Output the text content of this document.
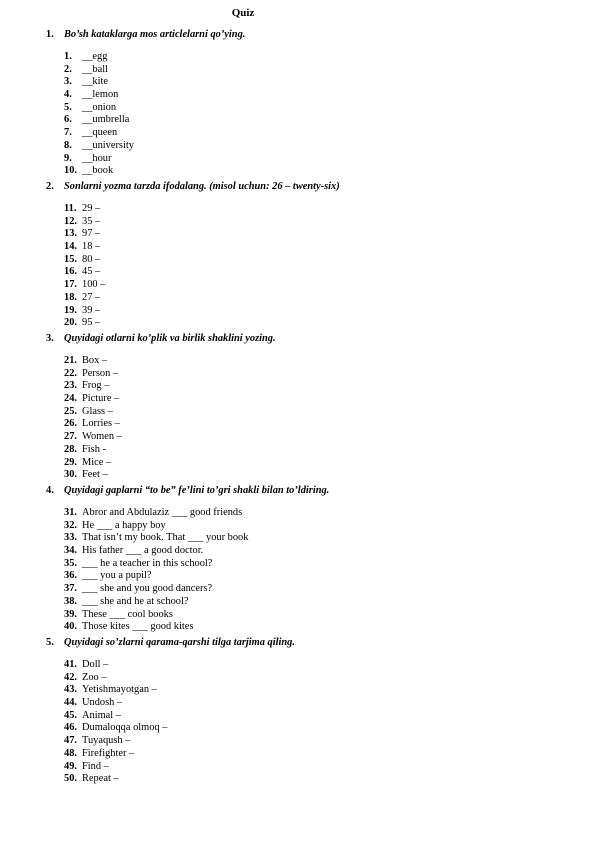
Quiz
1. Bo’sh kataklarga mos articlelarni qo’ying.
1. __egg
2. __ball
3. __kite
4. __lemon
5. __onion
6. __umbrella
7. __queen
8. __university
9. __hour
10. __book
2. Sonlarni yozma tarzda ifodalang. (misol uchun: 26 – twenty-six)
11. 29 –
12. 35 –
13. 97 –
14. 18 –
15. 80 –
16. 45 –
17. 100 –
18. 27 –
19. 39 –
20. 95 –
3. Quyidagi otlarni ko’plik va birlik shaklini yozing.
21. Box –
22. Person –
23. Frog –
24. Picture –
25. Glass –
26. Lorries –
27. Women –
28. Fish -
29. Mice –
30. Feet –
4. Quyidagi gaplarni “to be” fe’lini to’gri shakli bilan to’ldiring.
31. Abror and Abdulaziz ___ good friends
32. He ___ a happy boy
33. That isn’t my book. That ___ your book
34. His father ___ a good doctor.
35. ___ he a teacher in this school?
36. ___ you a pupil?
37. ___ she and you good dancers?
38. ___ she and he at school?
39. These ___ cool books
40. Those kites ___ good kites
5. Quyidagi so’zlarni qarama-qarshi tilga tarjima qiling.
41. Doll –
42. Zoo –
43. Yetishmayotgan –
44. Undosh –
45. Animal –
46. Dumaloqqa olmoq –
47. Tuyaqush –
48. Firefighter –
49. Find –
50. Repeat –
